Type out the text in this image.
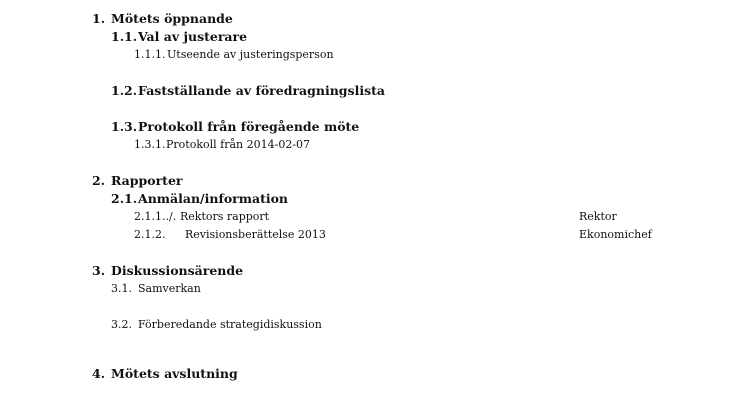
1. Mötets öppnande
1.1.Val av justerare
1.1.1. Utseende av justeringsperson
1.2.Fastställande av föredragningslista
1.3.Protokoll från föregående möte
1.3.1.Protokoll från 2014-02-07
2. Rapporter
2.1.Anmälan/information
2.1.1../. Rektors rapport	Rektor
2.1.2. Revisionsberättelse 2013	Ekonomichef
3. Diskussionsärende
3.1. Samverkan
3.2. Förberedande strategidiskussion
4. Mötets avslutning
